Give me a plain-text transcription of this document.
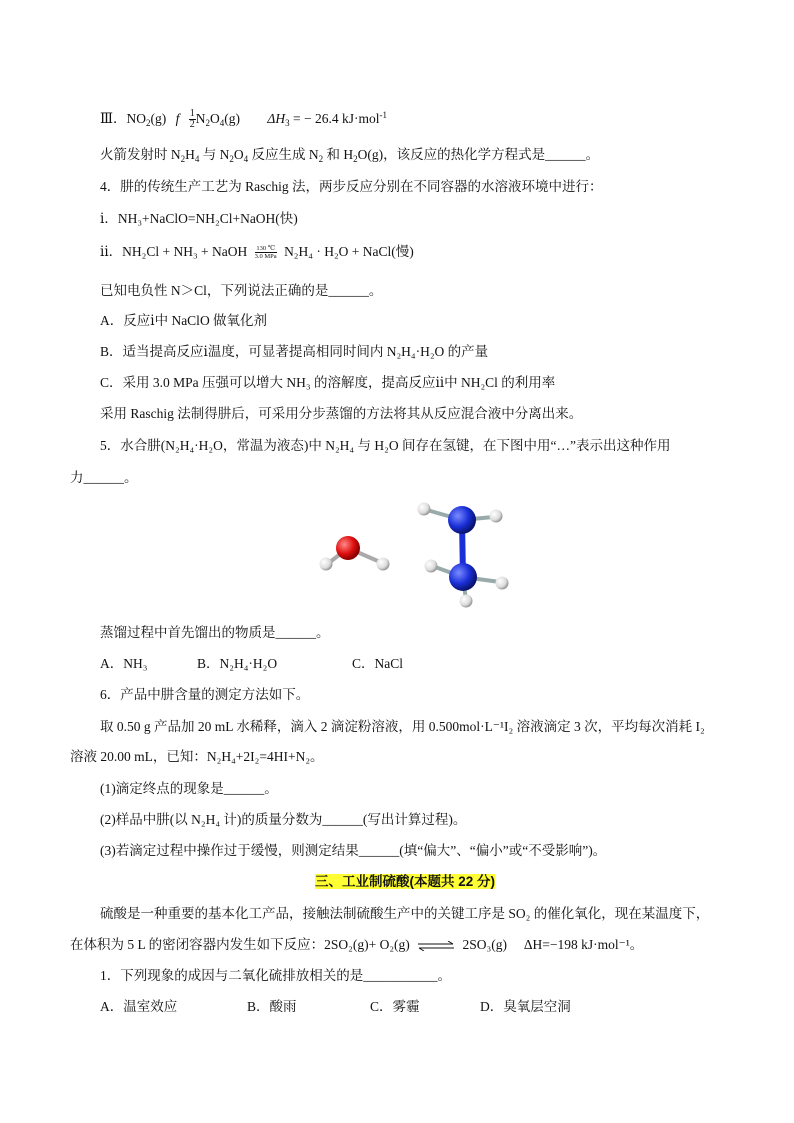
Ⅲ．$NO_2(g)$ f $\frac{1}{2} N_2O_4(g) \Delta H_3$ = − 26.4 kJ·mol$^{-1}$
火箭发射时 $N_2H_4$ 与 $N_2O_4$ 反应生成 $N_2$ 和 $H_2O(g)$，该反应的热化学方程式是______。
4．肼的传统生产工艺为 Raschig 法，两步反应分别在不同容器的水溶液环境中进行：
ⅰ．NH₃+NaClO=NH₂Cl+NaOH(快)
ⅱ．NH₂Cl + NH₃ + NaOH 130 ℃
3.0 MPa N₂H₄ · H₂O + NaCl(慢)
已知电负性 N＞Cl，下列说法正确的是______。
A．反应ⅰ中 NaClO 做氧化剂
B．适当提高反应ⅰ温度，可显著提高相同时间内 N₂H₄·H₂O 的产量
C．采用 3.0 MPa 压强可以增大 NH₃ 的溶解度，提高反应ⅱ中 NH₂Cl 的利用率
采用 Raschig 法制得肼后，可采用分步蒸馏的方法将其从反应混合液中分离出来。
5．水合肼(N₂H₄·H₂O，常温为液态)中 N₂H₄ 与 H₂O 间存在氢键，在下图中用“…”表示出这种作用
力______。
蒸馏过程中首先馏出的物质是______。
A．NH₃	B．N₂H₄·H₂O	C．NaCl
6．产品中肼含量的测定方法如下。
取 0.50 g 产品加 20 mL 水稀释，滴入 2 滴淀粉溶液，用 0.500mol·L⁻¹I₂ 溶液滴定 3 次，平均每次消耗 I₂
溶液 20.00 mL，已知：N₂H₄+2I₂=4HI+N₂。
(1)滴定终点的现象是______。
(2)样品中肼(以 N₂H₄ 计)的质量分数为______(写出计算过程)。
(3)若滴定过程中操作过于缓慢，则测定结果______(填“偏大”、“偏小”或“不受影响”)。
三、工业制硫酸(本题共 22 分)
硫酸是一种重要的基本化工产品，接触法制硫酸生产中的关键工序是 SO₂ 的催化氧化，现在某温度下，
在体积为 5 L 的密闭容器内发生如下反应：2SO₂(g)+ O₂(g) ⇌ 2SO₃(g)　 ΔH=−198 kJ·mol⁻¹。
1．下列现象的成因与二氧化硫排放相关的是___________。
A．温室效应	B．酸雨	C．雾霾	D．臭氧层空洞
